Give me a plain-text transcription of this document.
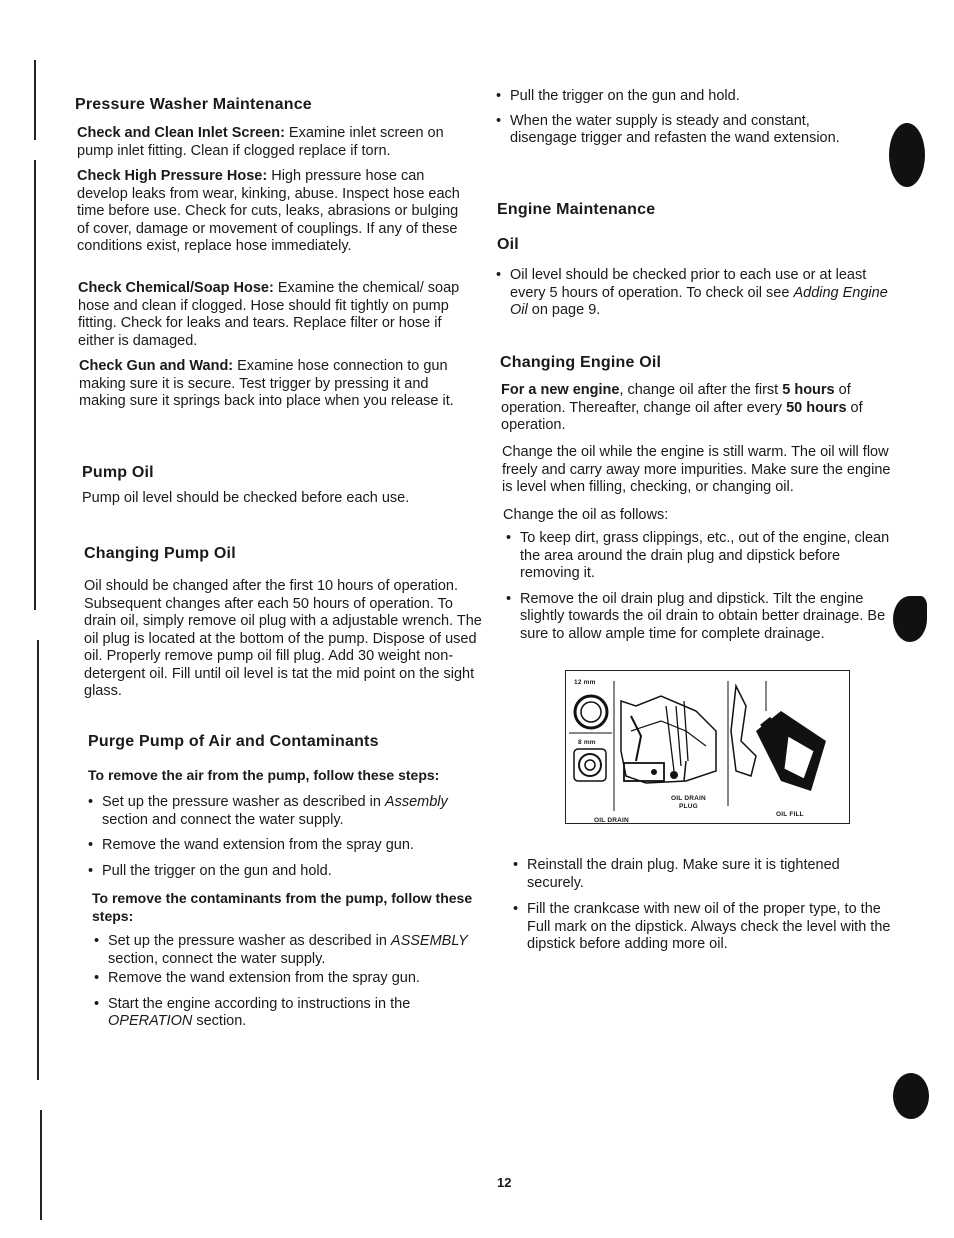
Pressure Washer Maintenance
Check and Clean Inlet Screen: Examine inlet screen on pump inlet fitting. Clean if clogged replace if torn.
Check High Pressure Hose: High pressure hose can develop leaks from wear, kinking, abuse. Inspect hose each time before use. Check for cuts, leaks, abrasions or bulging of cover, damage or movement of couplings. If any of these conditions exist, replace hose immediately.
Check Chemical/Soap Hose: Examine the chemical/ soap hose and clean if clogged. Hose should fit tightly on pump fitting. Check for leaks and tears. Replace filter or hose if either is damaged.
Check Gun and Wand: Examine hose connection to gun making sure it is secure. Test trigger by pressing it and making sure it springs back into place when you release it.
Pump Oil
Pump oil level should be checked before each use.
Changing Pump Oil
Oil should be changed after the first 10 hours of operation. Subsequent changes after each 50 hours of operation. To drain oil, simply remove oil plug with a adjustable wrench. The oil plug is located at the bottom of the pump. Dispose of used oil. Properly remove pump oil fill plug. Add 30 weight non-detergent oil. Fill until oil level is tat the mid point on the sight glass.
Purge Pump of Air and Contaminants
To remove the air from the pump, follow these steps:
• Set up the pressure washer as described in Assembly section and connect the water supply.
• Remove the wand extension from the spray gun.
• Pull the trigger on the gun and hold.
To remove the contaminants from the pump, follow these steps:
• Set up the pressure washer as described in ASSEMBLY section, connect the water supply.
• Remove the wand extension from the spray gun.
• Start the engine according to instructions in the OPERATION section.
• Pull the trigger on the gun and hold.
• When the water supply is steady and constant, disengage trigger and refasten the wand extension.
Engine Maintenance
Oil
• Oil level should be checked prior to each use or at least every 5 hours of operation. To check oil see Adding Engine Oil on page 9.
Changing Engine Oil
For a new engine, change oil after the first 5 hours of operation. Thereafter, change oil after every 50 hours of operation.
Change the oil while the engine is still warm. The oil will flow freely and carry away more impurities. Make sure the engine is level when filling, checking, or changing oil.
Change the oil as follows:
• To keep dirt, grass clippings, etc., out of the engine, clean the area around the drain plug and dipstick before removing it.
• Remove the oil drain plug and dipstick. Tilt the engine slightly towards the oil drain to obtain better drainage. Be sure to allow ample time for complete drainage.
12 mm
8 mm
OIL DRAIN
PLUG
OIL DRAIN
OIL FILL
• Reinstall the drain plug. Make sure it is tightened securely.
• Fill the crankcase with new oil of the proper type, to the Full mark on the dipstick. Always check the level with the dipstick before adding more oil.
12
